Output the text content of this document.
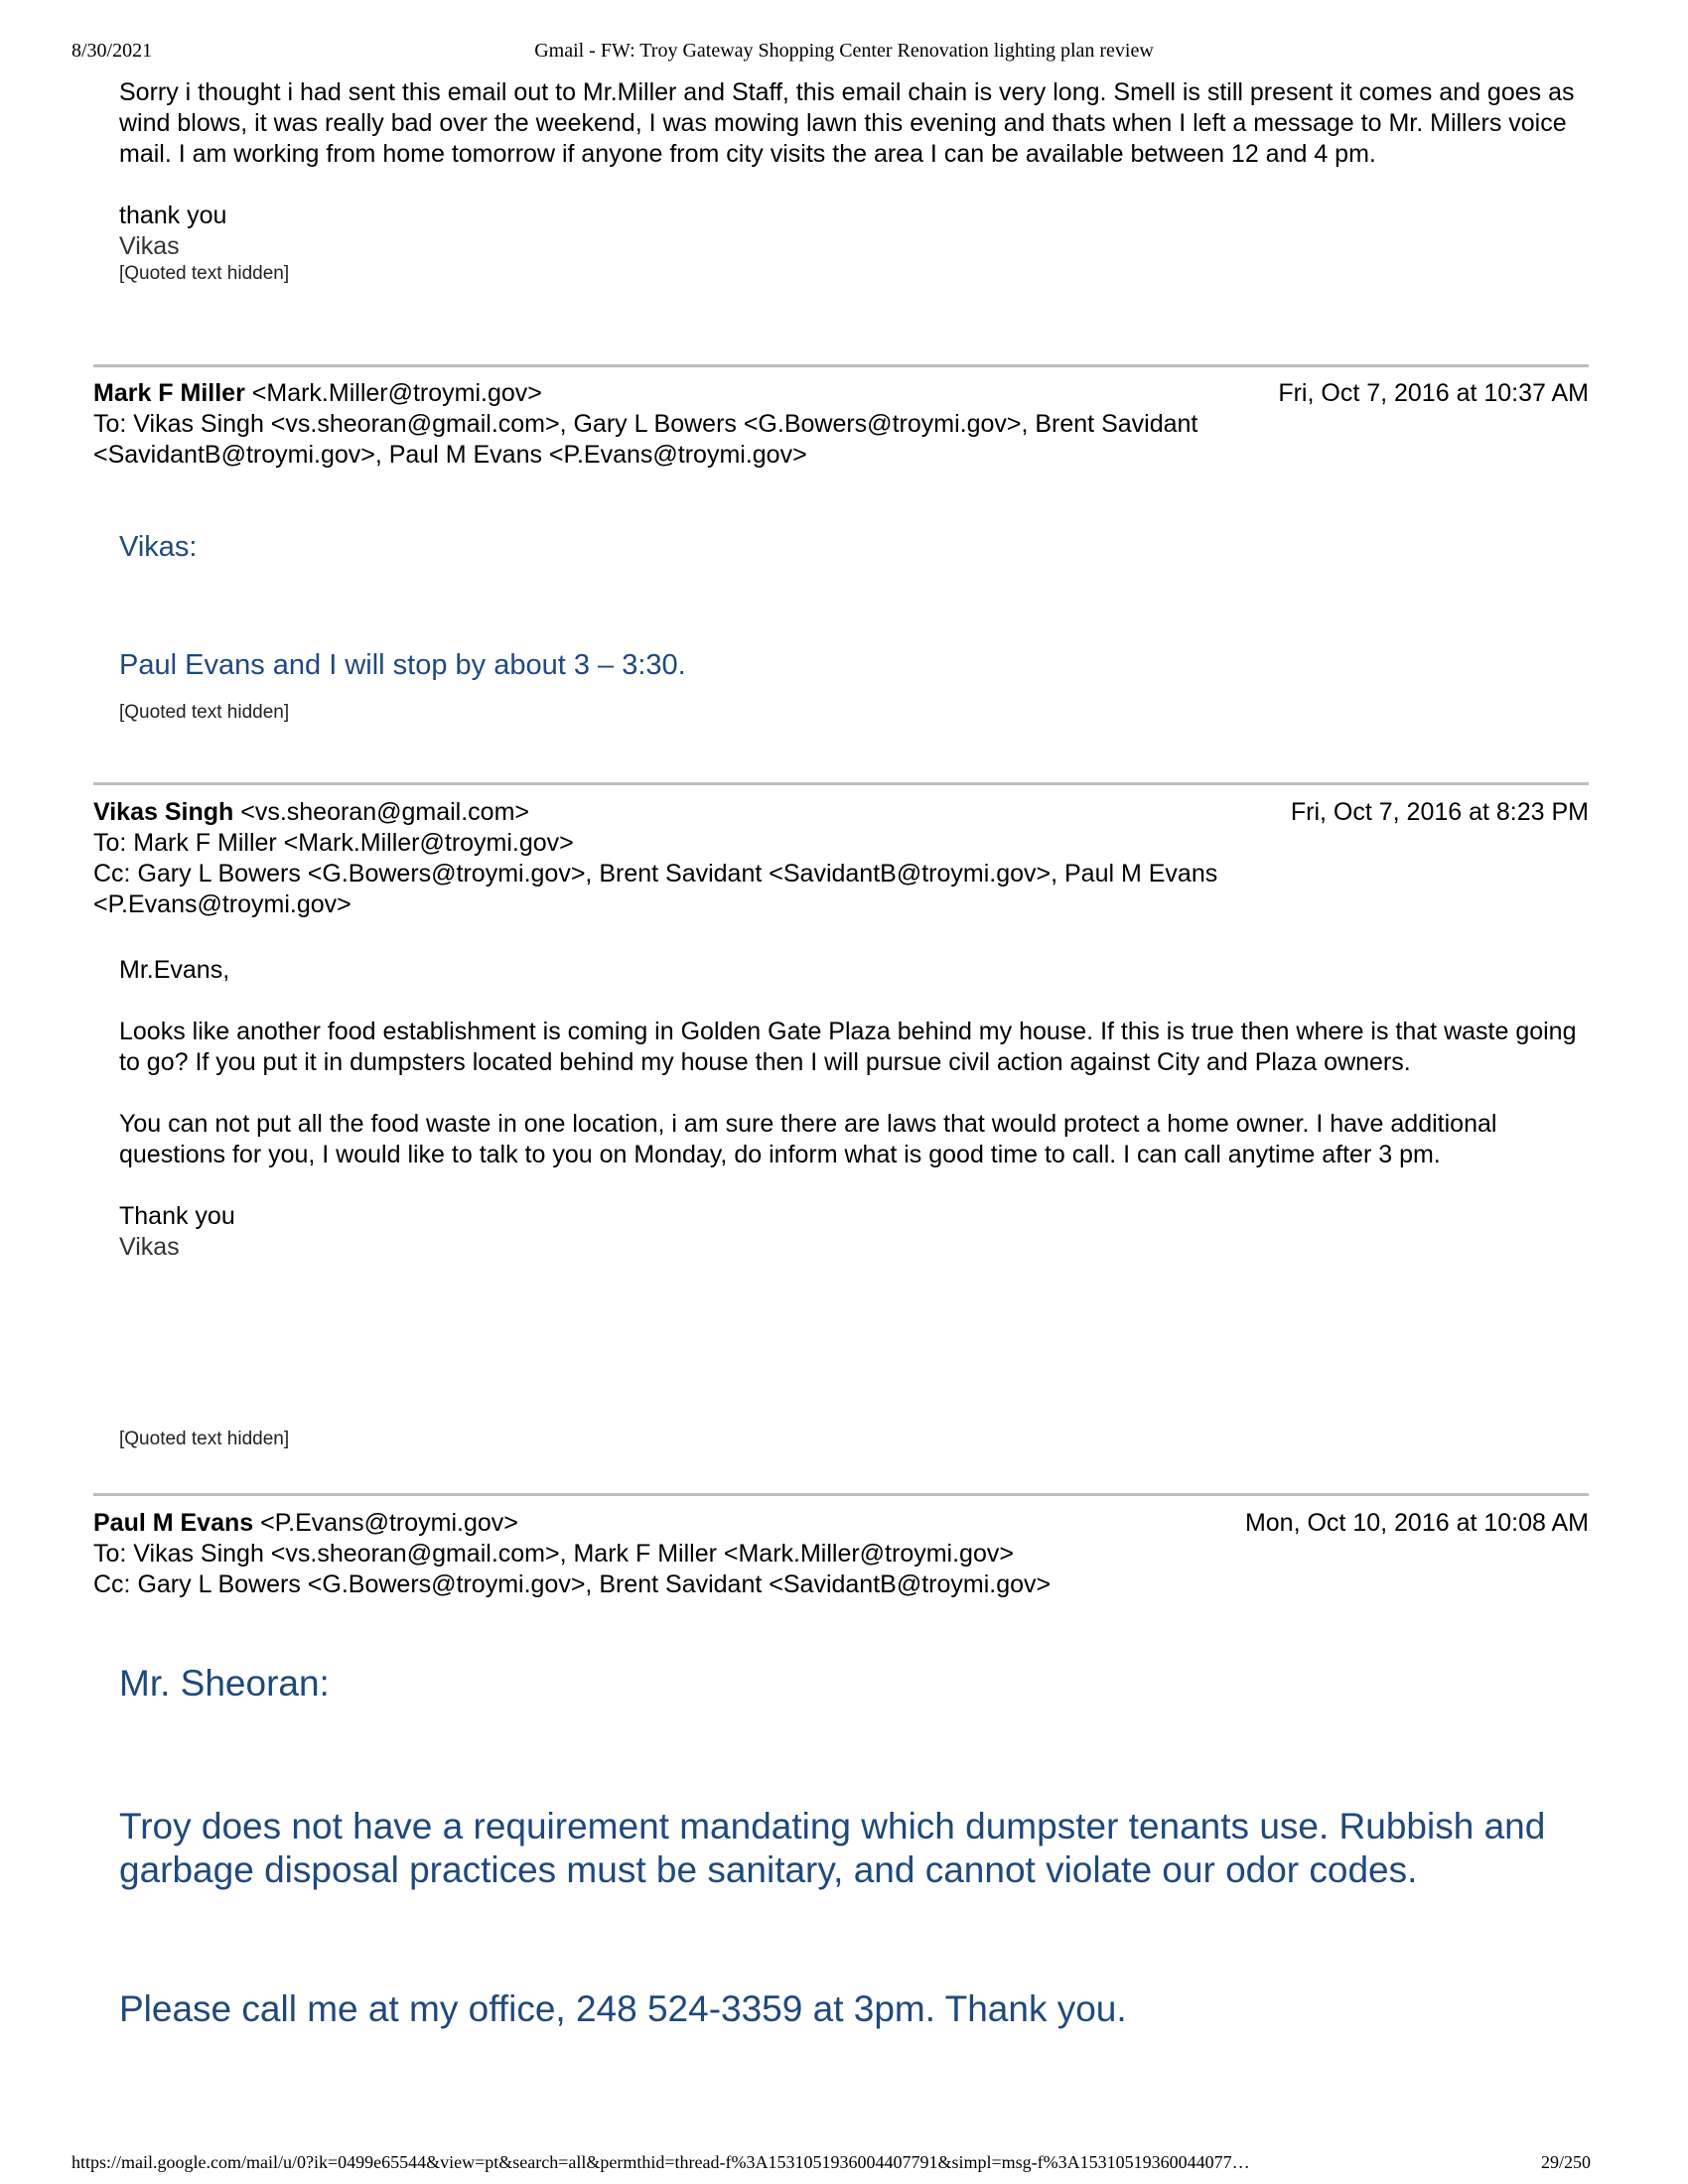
8/30/2021	Gmail - FW: Troy Gateway Shopping Center Renovation lighting plan review

Sorry i thought i had sent this email out to Mr.Miller and Staff, this email chain is very long. Smell is still present it comes and goes as wind blows, it was really bad over the weekend, I was mowing lawn this evening and thats when I left a message to Mr. Millers voice mail. I am working from home tomorrow if anyone from city visits the area I can be available between 12 and 4 pm.

thank you

Vikas

[Quoted text hidden]

Mark F Miller <Mark.Miller@troymi.gov>	Fri, Oct 7, 2016 at 10:37 AM
To: Vikas Singh <vs.sheoran@gmail.com>, Gary L Bowers <G.Bowers@troymi.gov>, Brent Savidant <SavidantB@troymi.gov>, Paul M Evans <P.Evans@troymi.gov>

Vikas:

Paul Evans and I will stop by about 3 – 3:30.

[Quoted text hidden]

Vikas Singh <vs.sheoran@gmail.com>	Fri, Oct 7, 2016 at 8:23 PM
To: Mark F Miller <Mark.Miller@troymi.gov>
Cc: Gary L Bowers <G.Bowers@troymi.gov>, Brent Savidant <SavidantB@troymi.gov>, Paul M Evans <P.Evans@troymi.gov>

Mr.Evans,

Looks like another food establishment is coming in Golden Gate Plaza behind my house. If this is true then where is that waste going to go? If you put it in dumpsters located behind my house then I will pursue civil action against City and Plaza owners.

You can not put all the food waste in one location, i am sure there are laws that would protect a home owner. I have additional questions for you, I would like to talk to you on Monday, do inform what is good time to call. I can call anytime after 3 pm.

Thank you

Vikas

[Quoted text hidden]

Paul M Evans <P.Evans@troymi.gov>	Mon, Oct 10, 2016 at 10:08 AM
To: Vikas Singh <vs.sheoran@gmail.com>, Mark F Miller <Mark.Miller@troymi.gov>
Cc: Gary L Bowers <G.Bowers@troymi.gov>, Brent Savidant <SavidantB@troymi.gov>

Mr. Sheoran:

Troy does not have a requirement mandating which dumpster tenants use. Rubbish and garbage disposal practices must be sanitary, and cannot violate our odor codes.

Please call me at my office, 248 524-3359 at 3pm. Thank you.

https://mail.google.com/mail/u/0?ik=0499e65544&view=pt&search=all&permthid=thread-f%3A1531051936004407791&simpl=msg-f%3A15310519360044077…	29/250
